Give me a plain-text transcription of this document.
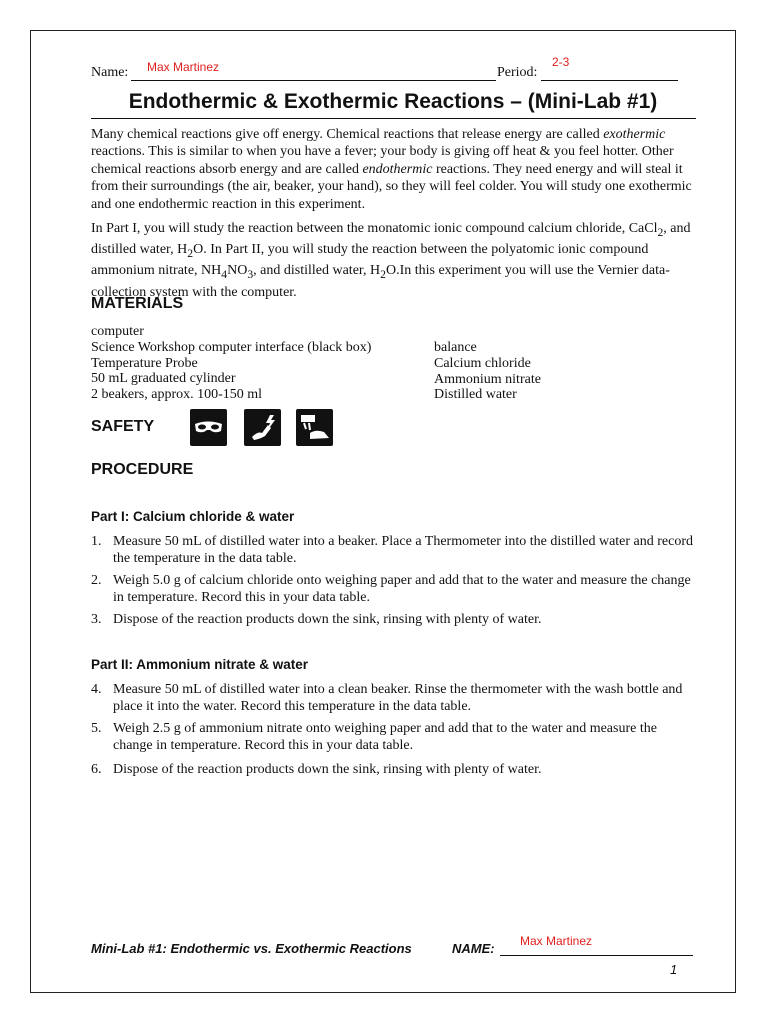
Name: Max Martinez	Period:
2-3
Endothermic & Exothermic Reactions – (Mini-Lab #1)
Many chemical reactions give off energy. Chemical reactions that release energy are called exothermic reactions. This is similar to when you have a fever; your body is giving off heat & you feel hotter. Other chemical reactions absorb energy and are called endothermic reactions. They need energy and will steal it from their surroundings (the air, beaker, your hand), so they will feel colder. You will study one exothermic and one endothermic reaction in this experiment.
In Part I, you will study the reaction between the monatomic ionic compound calcium chloride, CaCl$_2$, and distilled water, $H_2O$. In Part II, you will study the reaction between the polyatomic ionic compound ammonium nitrate, $NH_4NO_3$, and distilled water, $H_2O.In$ this experiment you will use the Vernier data-collection system with the computer.
MATERIALS
computer
Science Workshop computer interface (black box)
Temperature Probe
50 mL graduated cylinder
2 beakers, approx. 100-150 ml
balance
Calcium chloride
Ammonium nitrate
Distilled water
SAFETY
PROCEDURE
Part I: Calcium chloride & water
1. Measure 50 mL of distilled water into a beaker. Place a Thermometer into the distilled water and record the temperature in the data table.
2. Weigh 5.0 g of calcium chloride onto weighing paper and add that to the water and measure the change in temperature. Record this in your data table.
3. Dispose of the reaction products down the sink, rinsing with plenty of water.
Part II: Ammonium nitrate & water
4. Measure 50 mL of distilled water into a clean beaker. Rinse the thermometer with the wash bottle and place it into the water. Record this temperature in the data table.
5. Weigh 2.5 g of ammonium nitrate onto weighing paper and add that to the water and measure the change in temperature. Record this in your data table.
6. Dispose of the reaction products down the sink, rinsing with plenty of water.
Mini-Lab #1: Endothermic vs. Exothermic Reactions	NAME: Max Martinez
1
